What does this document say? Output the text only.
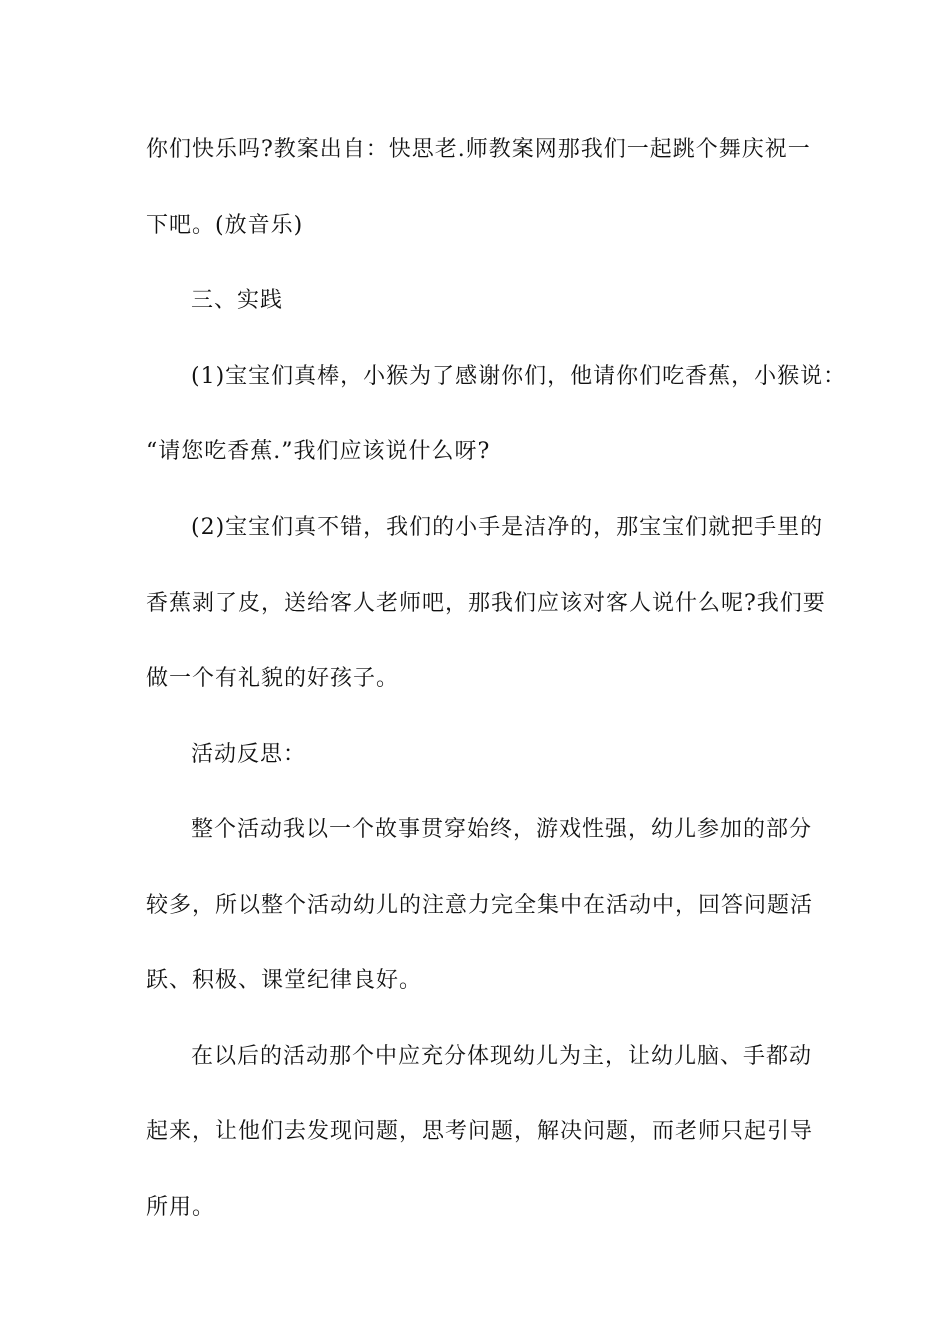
你们快乐吗?教案出自：快思老.师教案网那我们一起跳个舞庆祝一
下吧。(放音乐)
三、实践
(1)宝宝们真棒，小猴为了感谢你们，他请你们吃香蕉，小猴说：
“请您吃香蕉.”我们应该说什么呀?
(2)宝宝们真不错，我们的小手是洁净的，那宝宝们就把手里的
香蕉剥了皮，送给客人老师吧，那我们应该对客人说什么呢?我们要
做一个有礼貌的好孩子。
活动反思：
整个活动我以一个故事贯穿始终，游戏性强，幼儿参加的部分
较多，所以整个活动幼儿的注意力完全集中在活动中，回答问题活
跃、积极、课堂纪律良好。
在以后的活动那个中应充分体现幼儿为主，让幼儿脑、手都动
起来，让他们去发现问题，思考问题，解决问题，而老师只起引导
所用。
